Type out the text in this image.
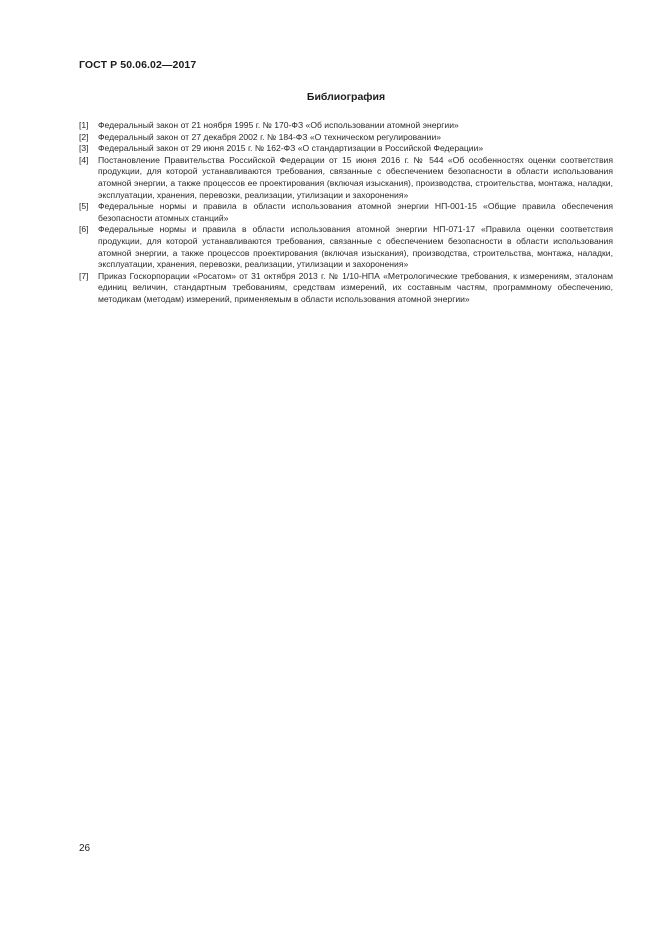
ГОСТ Р 50.06.02—2017
Библиография
[1]	Федеральный закон от 21 ноября 1995 г. № 170-ФЗ «Об использовании атомной энергии»
[2]	Федеральный закон от 27 декабря 2002 г. № 184-ФЗ «О техническом регулировании»
[3]	Федеральный закон от 29 июня 2015 г. № 162-ФЗ «О стандартизации в Российской Федерации»
[4]	Постановление Правительства Российской Федерации от 15 июня 2016 г. № 544 «Об особенностях оценки соответствия продукции, для которой устанавливаются требования, связанные с обеспечением безопасности в области использования атомной энергии, а также процессов ее проектирования (включая изыскания), производства, строительства, монтажа, наладки, эксплуатации, хранения, перевозки, реализации, утилизации и захоронения»
[5]	Федеральные нормы и правила в области использования атомной энергии НП-001-15 «Общие правила обеспечения безопасности атомных станций»
[6]	Федеральные нормы и правила в области использования атомной энергии НП-071-17 «Правила оценки соответствия продукции, для которой устанавливаются требования, связанные с обеспечением безопасности в области использования атомной энергии, а также процессов проектирования (включая изыскания), производства, строительства, монтажа, наладки, эксплуатации, хранения, перевозки, реализации, утилизации и захоронения»
[7]	Приказ Госкорпорации «Росатом» от 31 октября 2013 г. № 1/10-НПА «Метрологические требования, к измерениям, эталонам единиц величин, стандартным требованиям, средствам измерений, их составным частям, программному обеспечению, методикам (методам) измерений, применяемым в области использования атомной энергии»
26
